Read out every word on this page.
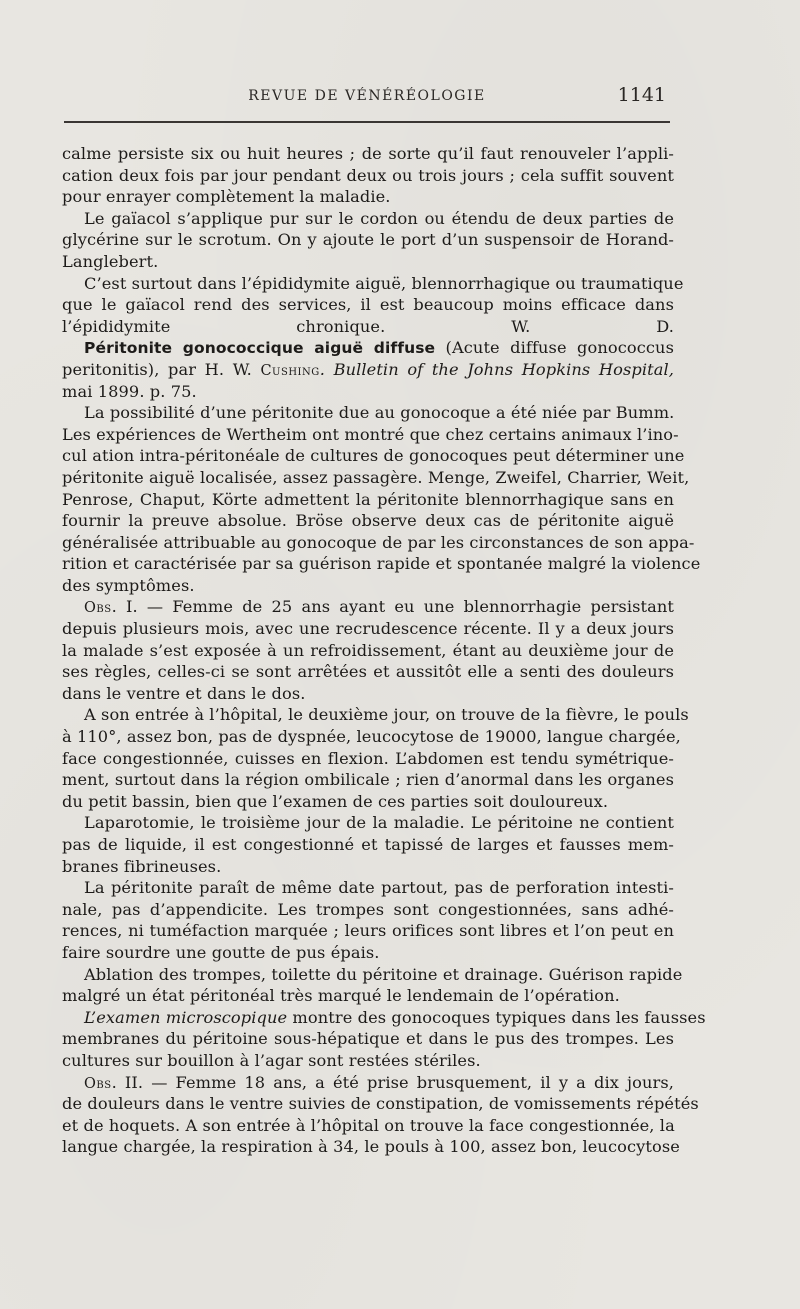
REVUE DE VÉNÉRÉOLOGIE	1141
calme persiste six ou huit heures ; de sorte qu’il faut renouveler l’appli-
cation deux fois par jour pendant deux ou trois jours ; cela suffit souvent
pour enrayer complètement la maladie.
Le gaïacol s’applique pur sur le cordon ou étendu de deux parties de
glycérine sur le scrotum. On y ajoute le port d’un suspensoir de Horand-
Langlebert.
C’est surtout dans l’épididymite aiguë, blennorrhagique ou traumatique
que le gaïacol rend des services, il est beaucoup moins efficace dans
l’épididymite chronique. W. D.
Péritonite gonococcique aiguë diffuse (Acute diffuse gonococcus
peritonitis), par H. W. Cushing. Bulletin of the Johns Hopkins Hospital,
mai 1899. p. 75.
La possibilité d’une péritonite due au gonocoque a été niée par Bumm.
Les expériences de Wertheim ont montré que chez certains animaux l’ino-
cul ation intra-péritonéale de cultures de gonocoques peut déterminer une
péritonite aiguë localisée, assez passagère. Menge, Zweifel, Charrier, Weit,
Penrose, Chaput, Körte admettent la péritonite blennorrhagique sans en
fournir la preuve absolue. Bröse observe deux cas de péritonite aiguë
généralisée attribuable au gonocoque de par les circonstances de son appa-
rition et caractérisée par sa guérison rapide et spontanée malgré la violence
des symptômes.
Obs. I. — Femme de 25 ans ayant eu une blennorrhagie persistant
depuis plusieurs mois, avec une recrudescence récente. Il y a deux jours
la malade s’est exposée à un refroidissement, étant au deuxième jour de
ses règles, celles-ci se sont arrêtées et aussitôt elle a senti des douleurs
dans le ventre et dans le dos.
A son entrée à l’hôpital, le deuxième jour, on trouve de la fièvre, le pouls
à 110°, assez bon, pas de dyspnée, leucocytose de 19000, langue chargée,
face congestionnée, cuisses en flexion. L’abdomen est tendu symétrique-
ment, surtout dans la région ombilicale ; rien d’anormal dans les organes
du petit bassin, bien que l’examen de ces parties soit douloureux.
Laparotomie, le troisième jour de la maladie. Le péritoine ne contient
pas de liquide, il est congestionné et tapissé de larges et fausses mem-
branes fibrineuses.
La péritonite paraît de même date partout, pas de perforation intesti-
nale, pas d’appendicite. Les trompes sont congestionnées, sans adhé-
rences, ni tuméfaction marquée ; leurs orifices sont libres et l’on peut en
faire sourdre une goutte de pus épais.
Ablation des trompes, toilette du péritoine et drainage. Guérison rapide
malgré un état péritonéal très marqué le lendemain de l’opération.
L’examen microscopique montre des gonocoques typiques dans les fausses
membranes du péritoine sous-hépatique et dans le pus des trompes. Les
cultures sur bouillon à l’agar sont restées stériles.
Obs. II. — Femme 18 ans, a été prise brusquement, il y a dix jours,
de douleurs dans le ventre suivies de constipation, de vomissements répétés
et de hoquets. A son entrée à l’hôpital on trouve la face congestionnée, la
langue chargée, la respiration à 34, le pouls à 100, assez bon, leucocytose
